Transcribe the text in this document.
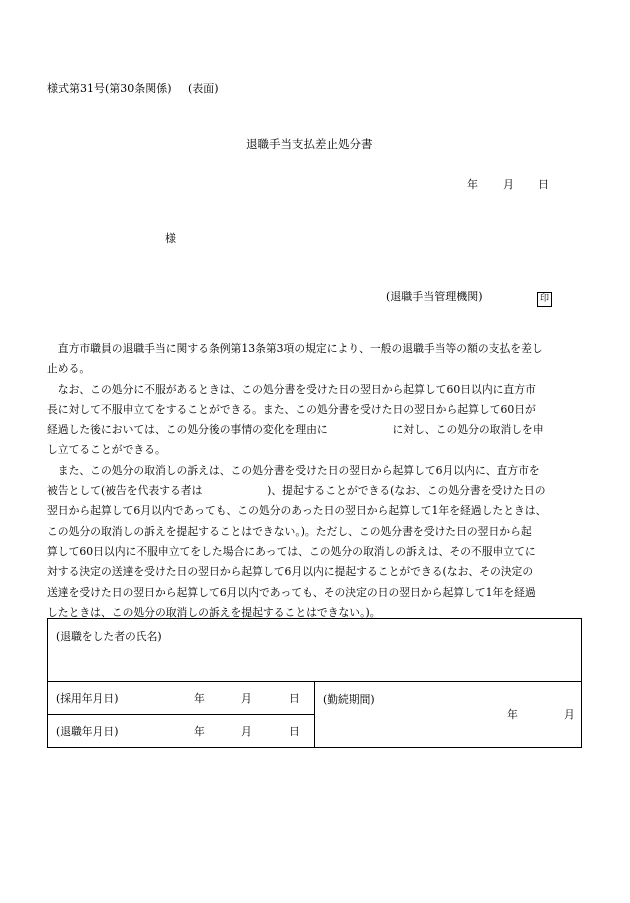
様式第31号(第30条関係) (表面)
退職手当支払差止処分書
年 月 日
様
(退職手当管理機関)	印

直方市職員の退職手当に関する条例第13条第3項の規定により、一般の退職手当等の額の支払を差し
止める。

なお、この処分に不服があるときは、この処分書を受けた日の翌日から起算して60日以内に直方市
長に対して不服申立てをすることができる。また、この処分書を受けた日の翌日から起算して60日が
経過した後においては、この処分後の事情の変化を理由に　　　　　　に対し、この処分の取消しを申
し立てることができる。

また、この処分の取消しの訴えは、この処分書を受けた日の翌日から起算して6月以内に、直方市を
被告として(被告を代表する者は　　　　　　)、提起することができる(なお、この処分書を受けた日の
翌日から起算して6月以内であっても、この処分のあった日の翌日から起算して1年を経過したときは、
この処分の取消しの訴えを提起することはできない。)。ただし、この処分書を受けた日の翌日から起
算して60日以内に不服申立てをした場合にあっては、この処分の取消しの訴えは、その不服申立てに
対する決定の送達を受けた日の翌日から起算して6月以内に提起することができる(なお、その決定の
送達を受けた日の翌日から起算して6月以内であっても、その決定の日の翌日から起算して1年を経過
したときは、この処分の取消しの訴えを提起することはできない。)。

(退職をした者の氏名)

(採用年月日)	年	月	日	(勤続期間)
年	月

(退職年月日)	年	月	日
